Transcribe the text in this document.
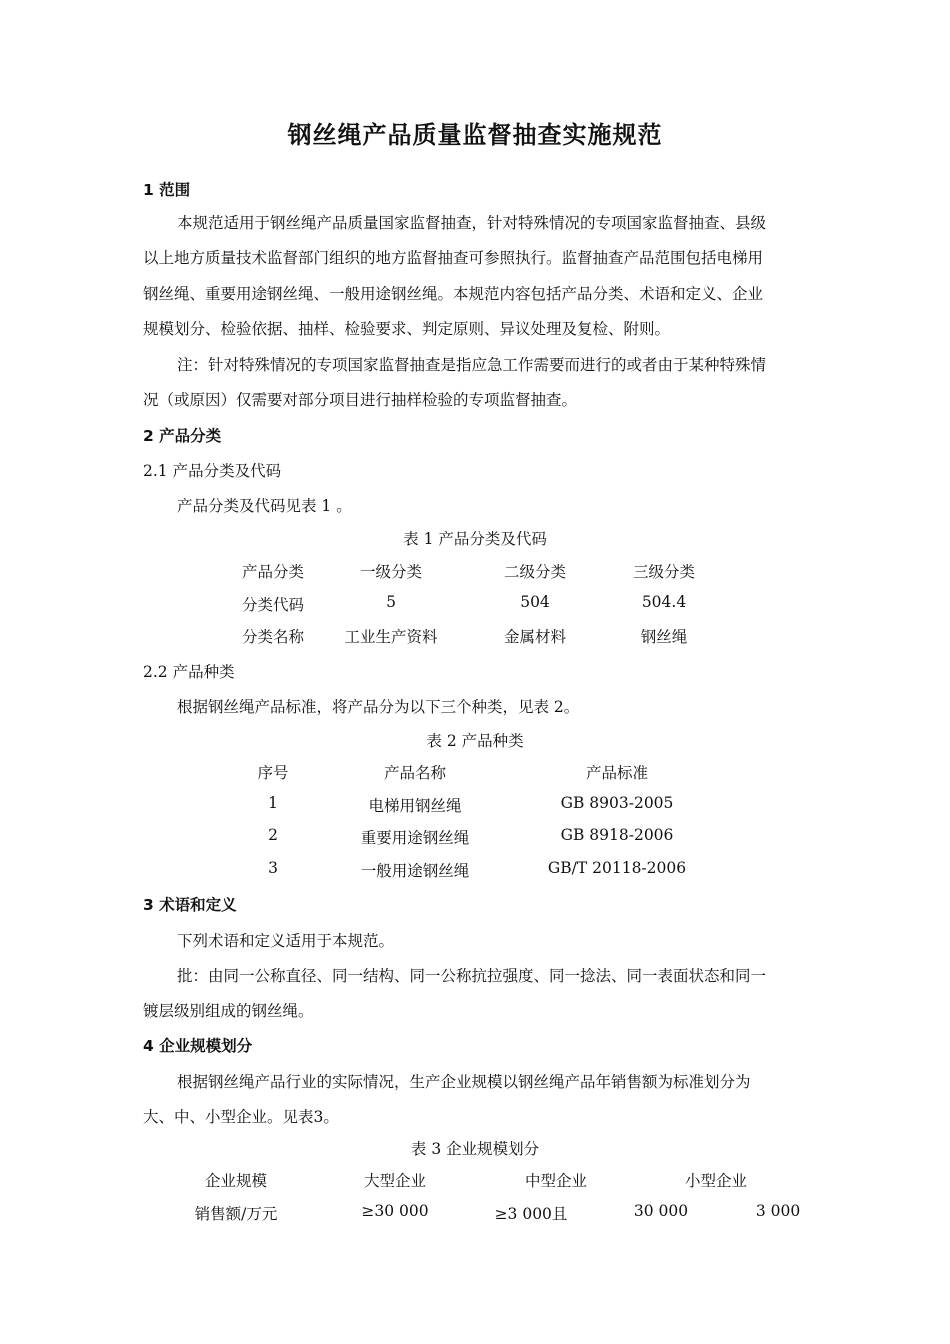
钢丝绳产品质量监督抽查实施规范
1 范围
本规范适用于钢丝绳产品质量国家监督抽查，针对特殊情况的专项国家监督抽查、县级
以上地方质量技术监督部门组织的地方监督抽查可参照执行。监督抽查产品范围包括电梯用
钢丝绳、重要用途钢丝绳、一般用途钢丝绳。本规范内容包括产品分类、术语和定义、企业
规模划分、检验依据、抽样、检验要求、判定原则、异议处理及复检、附则。
注：针对特殊情况的专项国家监督抽查是指应急工作需要而进行的或者由于某种特殊情
况（或原因）仅需要对部分项目进行抽样检验的专项监督抽查。
2 产品分类
2.1 产品分类及代码
产品分类及代码见表 1 。
表 1 产品分类及代码
产品分类	一级分类	二级分类	三级分类
分类代码	5	504	504.4
分类名称	工业生产资料	金属材料	钢丝绳
2.2 产品种类
根据钢丝绳产品标准，将产品分为以下三个种类，见表 2。
表 2 产品种类
序号	产品名称	产品标准
1	电梯用钢丝绳	GB 8903-2005
2	重要用途钢丝绳	GB 8918-2006
3	一般用途钢丝绳	GB/T 20118-2006
3 术语和定义
下列术语和定义适用于本规范。
批：由同一公称直径、同一结构、同一公称抗拉强度、同一捻法、同一表面状态和同一
镀层级别组成的钢丝绳。
4 企业规模划分
根据钢丝绳产品行业的实际情况，生产企业规模以钢丝绳产品年销售额为标准划分为
大、中、小型企业。见表3。
表 3 企业规模划分
企业规模	大型企业	中型企业	小型企业
销售额/万元	≥30 000	≥3 000且	30 000	3 000
